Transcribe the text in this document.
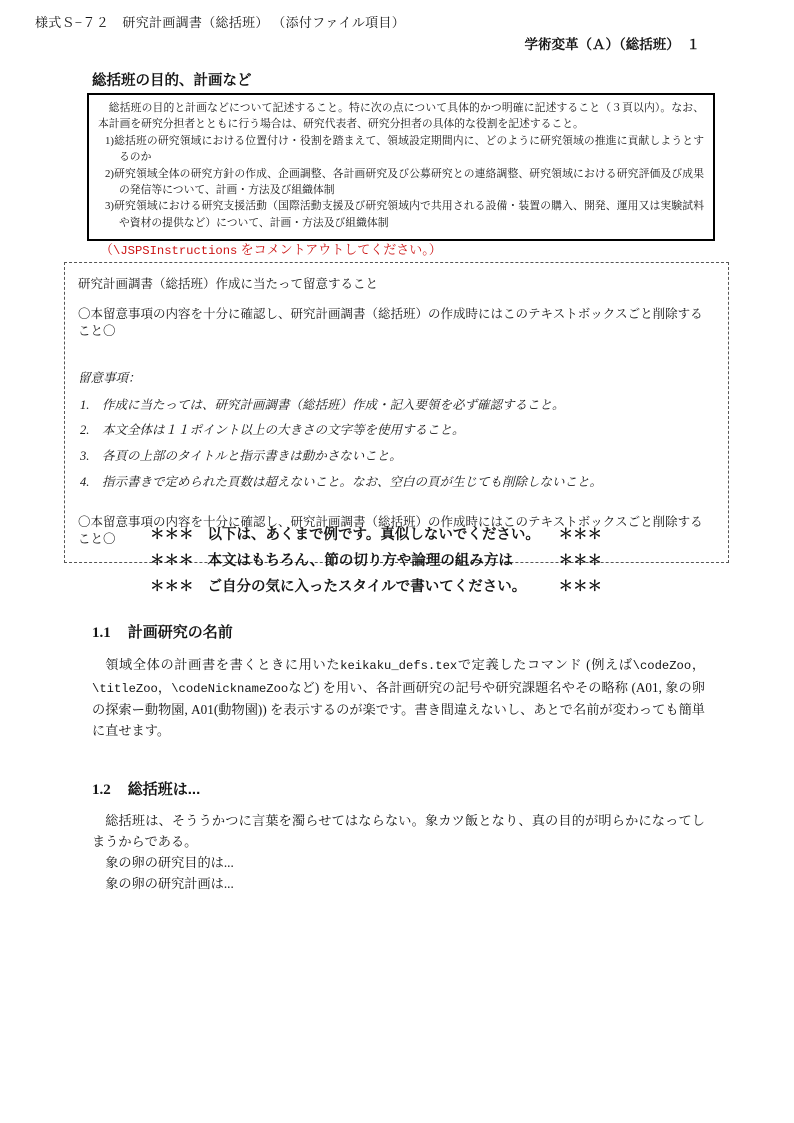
様式Ｓ−７２　研究計画調書（総括班） （添付ファイル項目）
学術変革（Ａ）（総括班）　１
総括班の目的、計画など

総括班の目的と計画などについて記述すること。特に次の点について具体的かつ明確に記述すること（３頁以内）。なお、本計画を研究分担者とともに行う場合は、研究代表者、研究分担者の具体的な役割を記述すること。

1)総括班の研究領域における位置付け・役割を踏まえて、領域設定期間内に、どのように研究領域の推進に貢献しようとするのか
2)研究領域全体の研究方針の作成、企画調整、各計画研究及び公募研究との連絡調整、研究領域における研究評価及び成果の発信等について、計画・方法及び組織体制
3)研究領域における研究支援活動（国際活動支援及び研究領域内で共用される設備・装置の購入、開発、運用又は実験試料や資材の提供など）について、計画・方法及び組織体制
（\JSPSInstructions をコメントアウトしてください。）
研究計画調書（総括班）作成に当たって留意すること
〇本留意事項の内容を十分に確認し、研究計画調書（総括班）の作成時にはこのテキストボックスごと削除すること〇
留意事項：
1.	作成に当たっては、研究計画調書（総括班）作成・記入要領を必ず確認すること。
2.	本文全体は１１ポイント以上の大きさの文字等を使用すること。
3.	各頁の上部のタイトルと指示書きは動かさないこと。
4.	指示書きで定められた頁数は超えないこと。なお、空白の頁が生じても削除しないこと。
〇本留意事項の内容を十分に確認し、研究計画調書（総括班）の作成時にはこのテキストボックスごと削除すること〇	＊＊＊ 以下は、あくまで例です。真似しないでください。	＊＊＊
＊＊＊ 本文はもちろん、節の切り方や論理の組み方は	＊＊＊
＊＊＊ ご自分の気に入ったスタイルで書いてください。	＊＊＊
1.1 計画研究の名前

領域全体の計画書を書くときに用いたkeikaku_defs.texで定義したコマンド (例えば\codeZoo，\titleZoo，\codeNicknameZooなど) を用い、各計画研究の記号や研究課題名やその略称 (A01, 象の卵の探索ー動物園, A01(動物園)) を表示するのが楽です。書き間違えないし、あとで名前が変わっても簡単に直せます。

1.2 総括班は...
総括班は、そううかつに言葉を濁らせてはならない。象カツ飯となり、真の目的が明らかになってしまうからである。
象の卵の研究目的は...
象の卵の研究計画は...
